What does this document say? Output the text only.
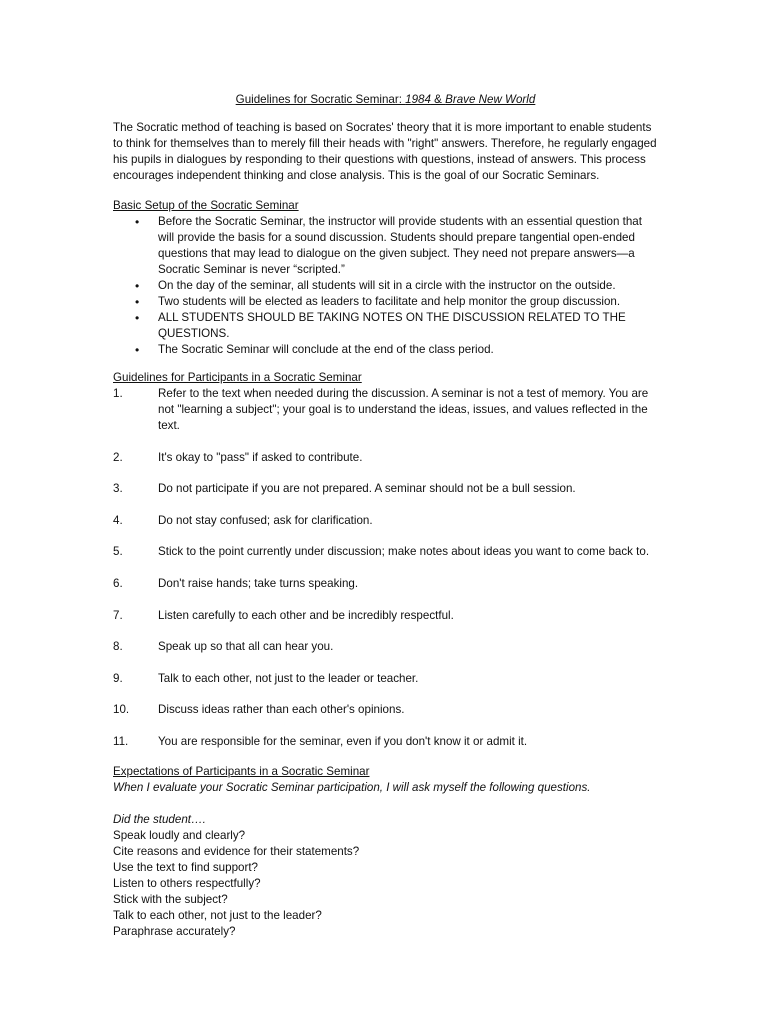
Guidelines for Socratic Seminar: 1984 & Brave New World

The Socratic method of teaching is based on Socrates' theory that it is more important to enable students to think for themselves than to merely fill their heads with "right" answers. Therefore, he regularly engaged his pupils in dialogues by responding to their questions with questions, instead of answers. This process encourages independent thinking and close analysis. This is the goal of our Socratic Seminars.

Basic Setup of the Socratic Seminar
• Before the Socratic Seminar, the instructor will provide students with an essential question that will provide the basis for a sound discussion. Students should prepare tangential open-ended questions that may lead to dialogue on the given subject. They need not prepare answers—a Socratic Seminar is never “scripted.”
• On the day of the seminar, all students will sit in a circle with the instructor on the outside.
• Two students will be elected as leaders to facilitate and help monitor the group discussion.
• ALL STUDENTS SHOULD BE TAKING NOTES ON THE DISCUSSION RELATED TO THE QUESTIONS.
• The Socratic Seminar will conclude at the end of the class period.
Guidelines for Participants in a Socratic Seminar
1.	Refer to the text when needed during the discussion. A seminar is not a test of memory. You are not "learning a subject"; your goal is to understand the ideas, issues, and values reflected in the text.
2.	It's okay to "pass" if asked to contribute.
3.	Do not participate if you are not prepared. A seminar should not be a bull session.
4.	Do not stay confused; ask for clarification.
5.	Stick to the point currently under discussion; make notes about ideas you want to come back to.
6.	Don't raise hands; take turns speaking.
7.	Listen carefully to each other and be incredibly respectful.
8.	Speak up so that all can hear you.
9.	Talk to each other, not just to the leader or teacher.
10. Discuss ideas rather than each other's opinions.
11.	You are responsible for the seminar, even if you don't know it or admit it.
Expectations of Participants in a Socratic Seminar

When I evaluate your Socratic Seminar participation, I will ask myself the following questions.

Did the student….
Speak loudly and clearly?
Cite reasons and evidence for their statements?
Use the text to find support?
Listen to others respectfully?
Stick with the subject?
Talk to each other, not just to the leader?
Paraphrase accurately?
